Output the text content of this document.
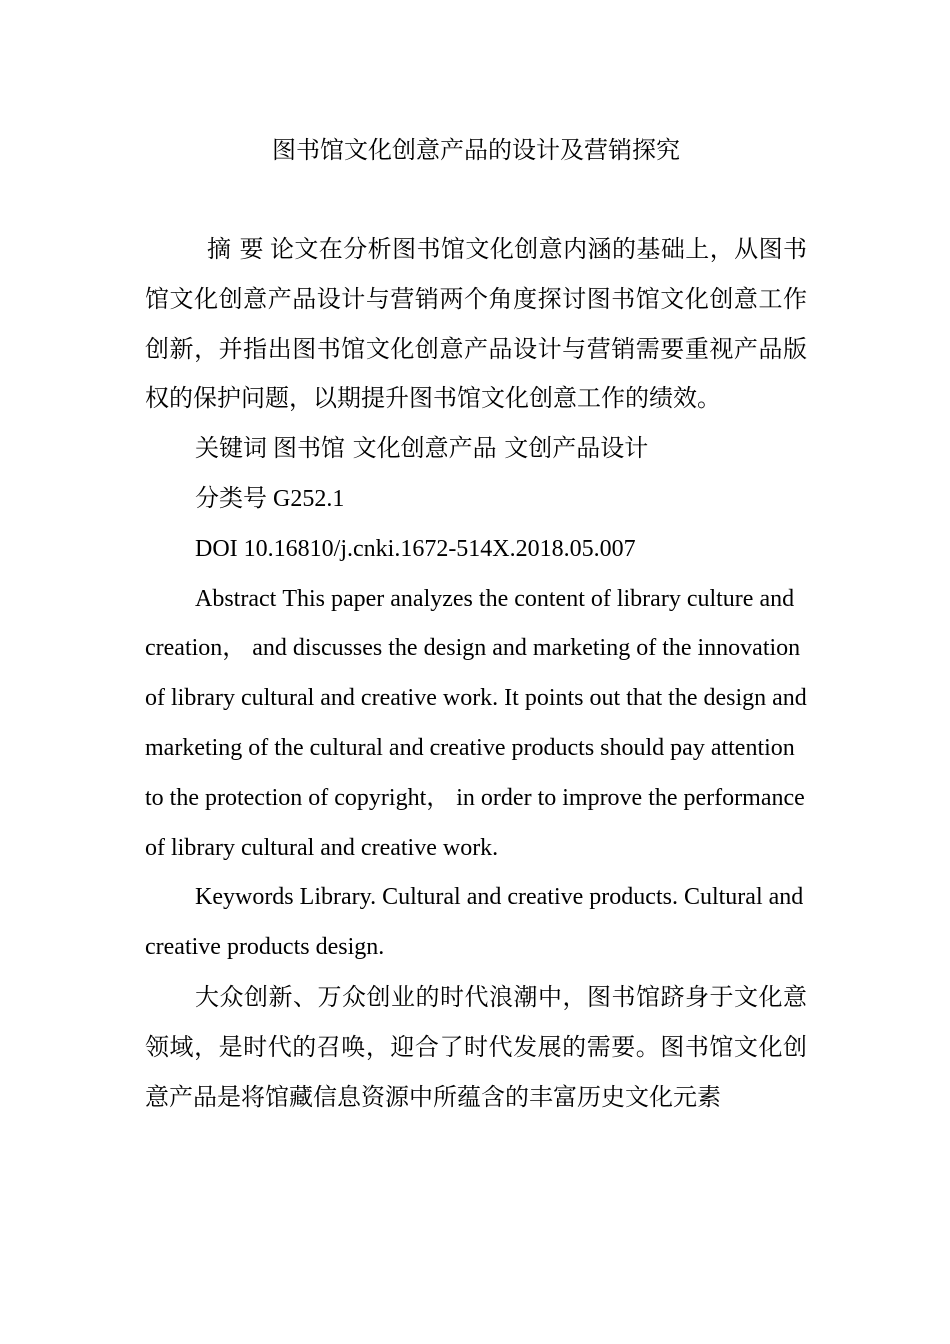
图书馆文化创意产品的设计及营销探究

摘 要 论文在分析图书馆文化创意内涵的基础上，从图书馆文化创意产品设计与营销两个角度探讨图书馆文化创意工作创新，并指出图书馆文化创意产品设计与营销需要重视产品版权的保护问题，以期提升图书馆文化创意工作的绩效。

关键词 图书馆 文化创意产品 文创产品设计

分类号 G252.1

DOI 10.16810/j.cnki.1672-514X.2018.05.007

Abstract This paper analyzes the content of library culture and creation， and discusses the design and marketing of the innovation of library cultural and creative work. It points out that the design and marketing of the cultural and creative products should pay attention to the protection of copyright， in order to improve the performance of library cultural and creative work.

Keywords Library. Cultural and creative products. Cultural and creative products design.

大众创新、万众创业的时代浪潮中，图书馆跻身于文化意领域，是时代的召唤，迎合了时代发展的需要。图书馆文化创意产品是将馆藏信息资源中所蕴含的丰富历史文化元素
